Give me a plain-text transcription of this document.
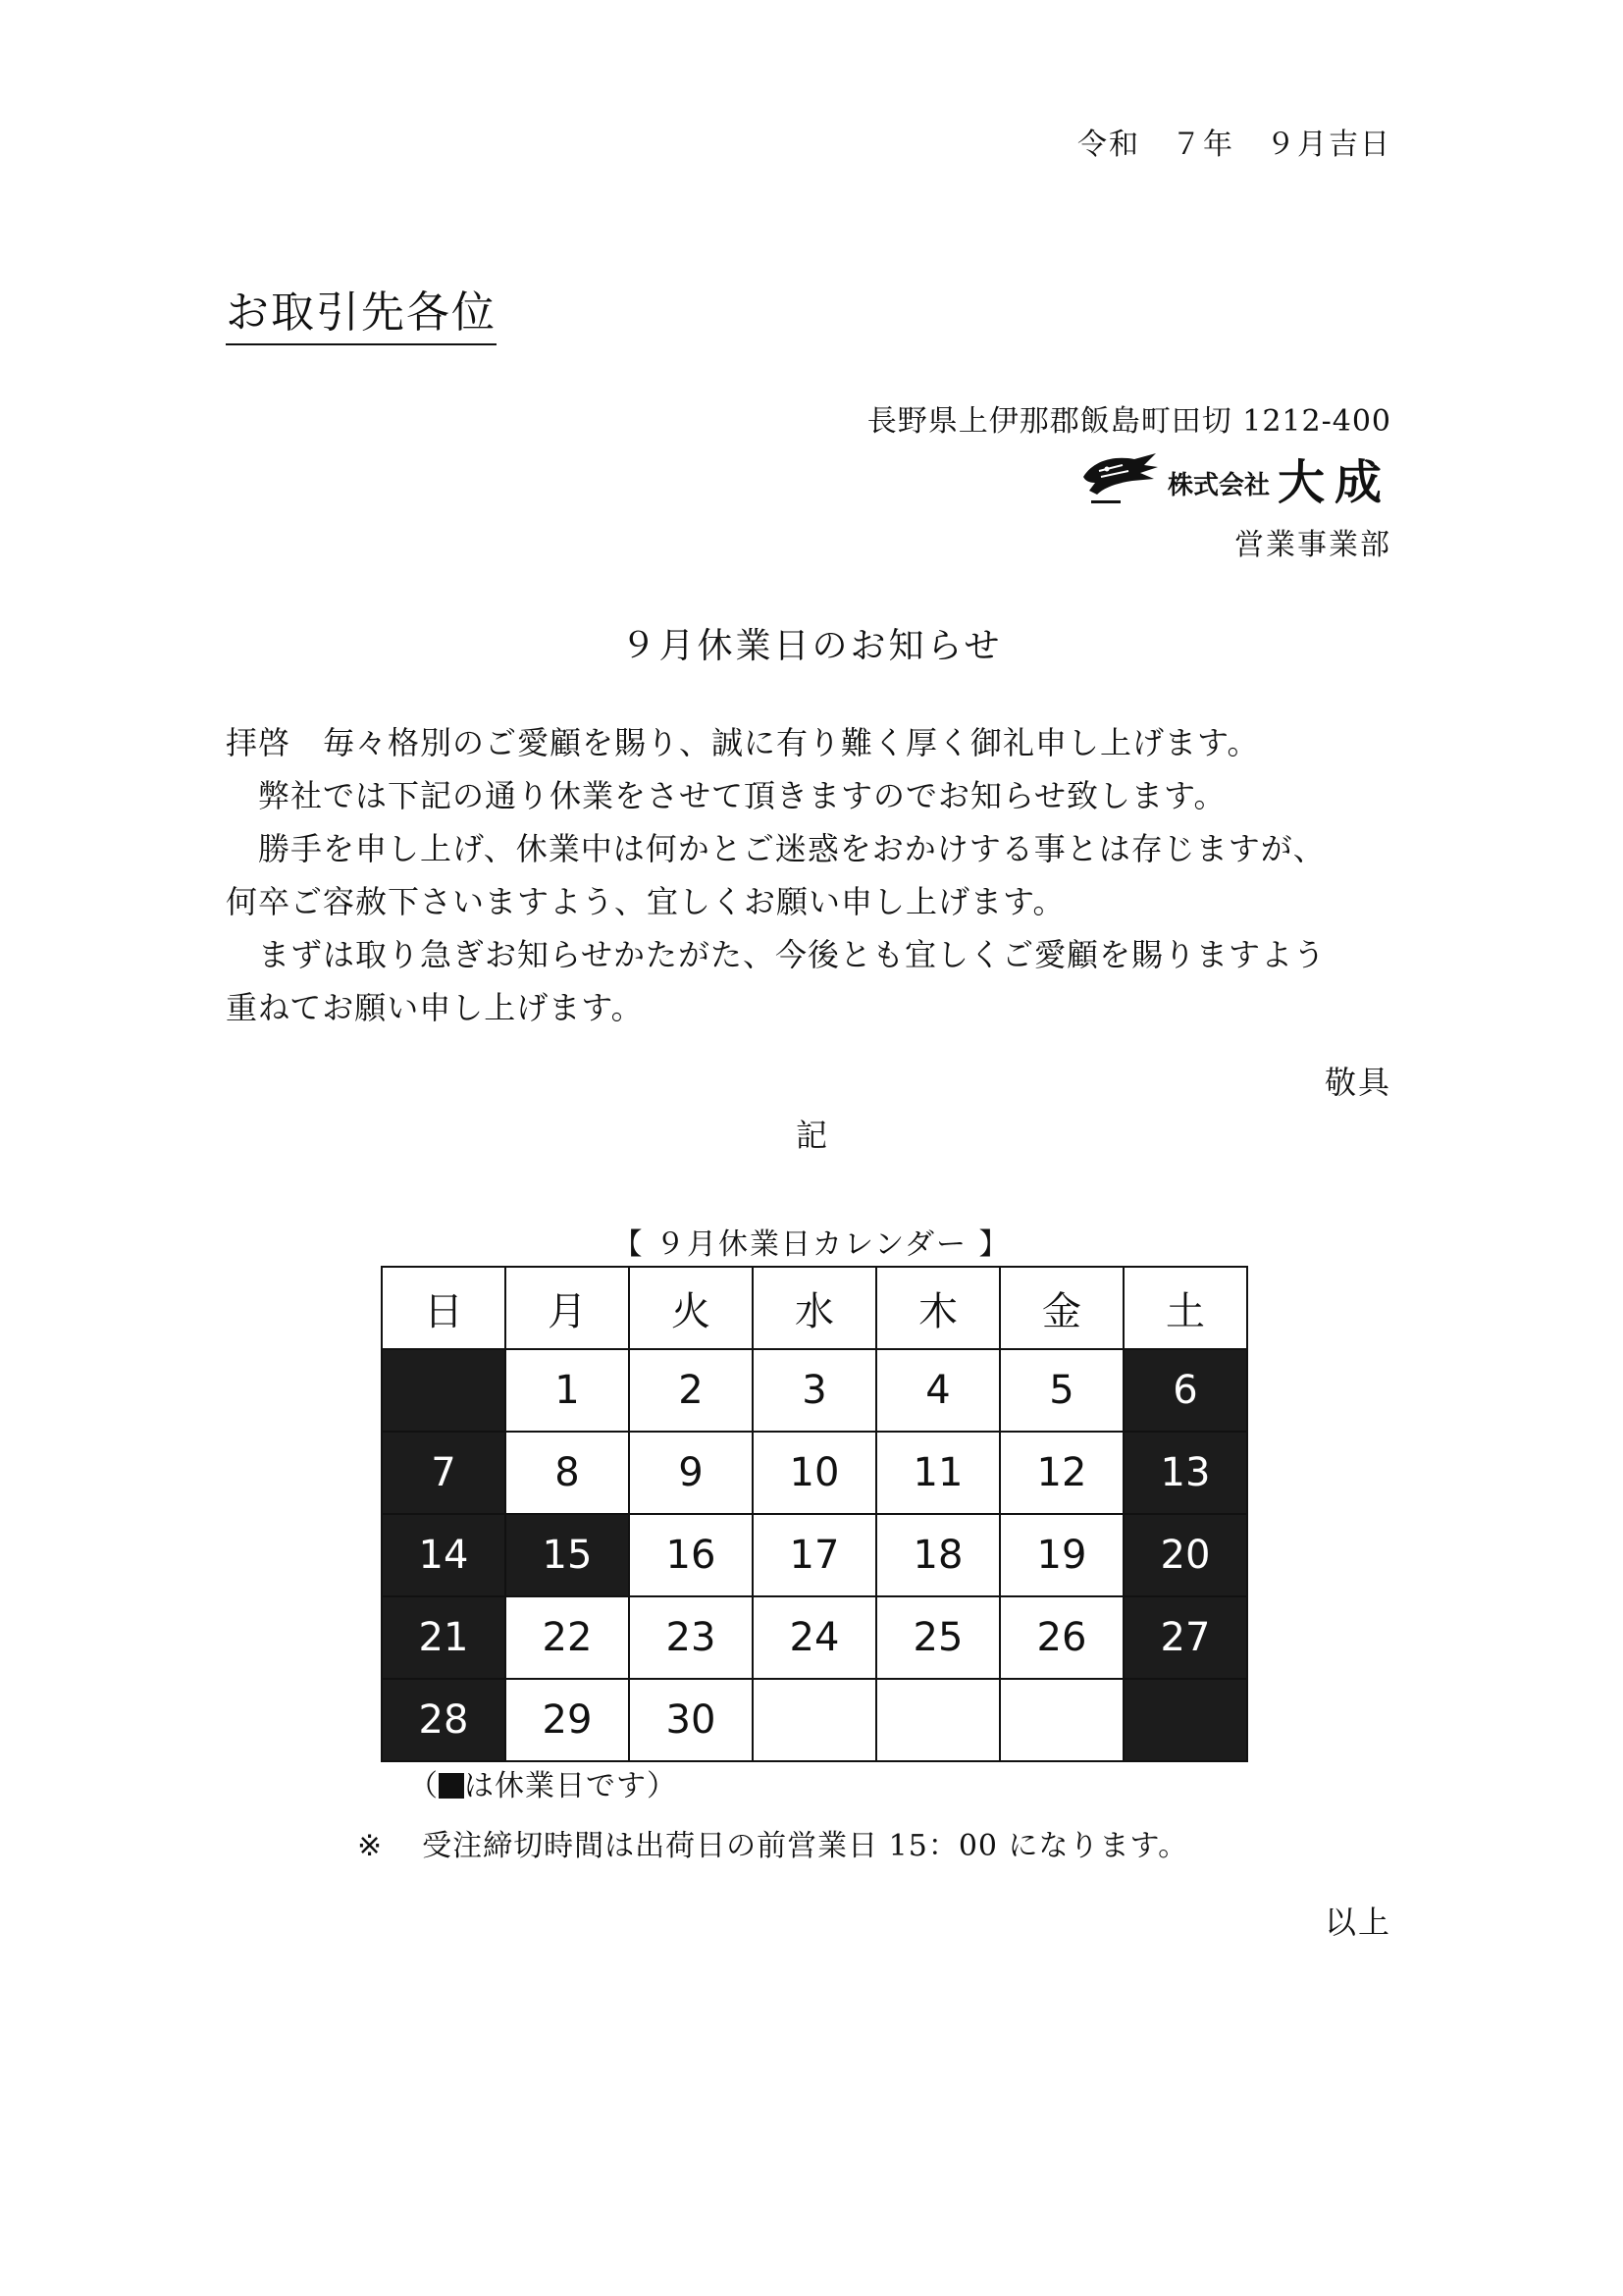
令和　７年　９月吉日
お取引先各位
長野県上伊那郡飯島町田切 1212-400
株式会社 大成
営業事業部
９月休業日のお知らせ

拝啓　毎々格別のご愛顧を賜り、誠に有り難く厚く御礼申し上げます。

　弊社では下記の通り休業をさせて頂きますのでお知らせ致します。

　勝手を申し上げ、休業中は何かとご迷惑をおかけする事とは存じますが、

何卒ご容赦下さいますよう、宜しくお願い申し上げます。

　まずは取り急ぎお知らせかたがた、今後とも宜しくご愛顧を賜りますよう

重ねてお願い申し上げます。

敬具
記
【 ９月休業日カレンダー 】
日	月	火	水	木	金	土
	1	2	3	4	5	6
7	8	9	10	11	12	13
14	15	16	17	18	19	20
21	22	23	24	25	26	27
28	29	30				
（ は休業日です）
※ 受注締切時間は出荷日の前営業日 15：00 になります。
以上
